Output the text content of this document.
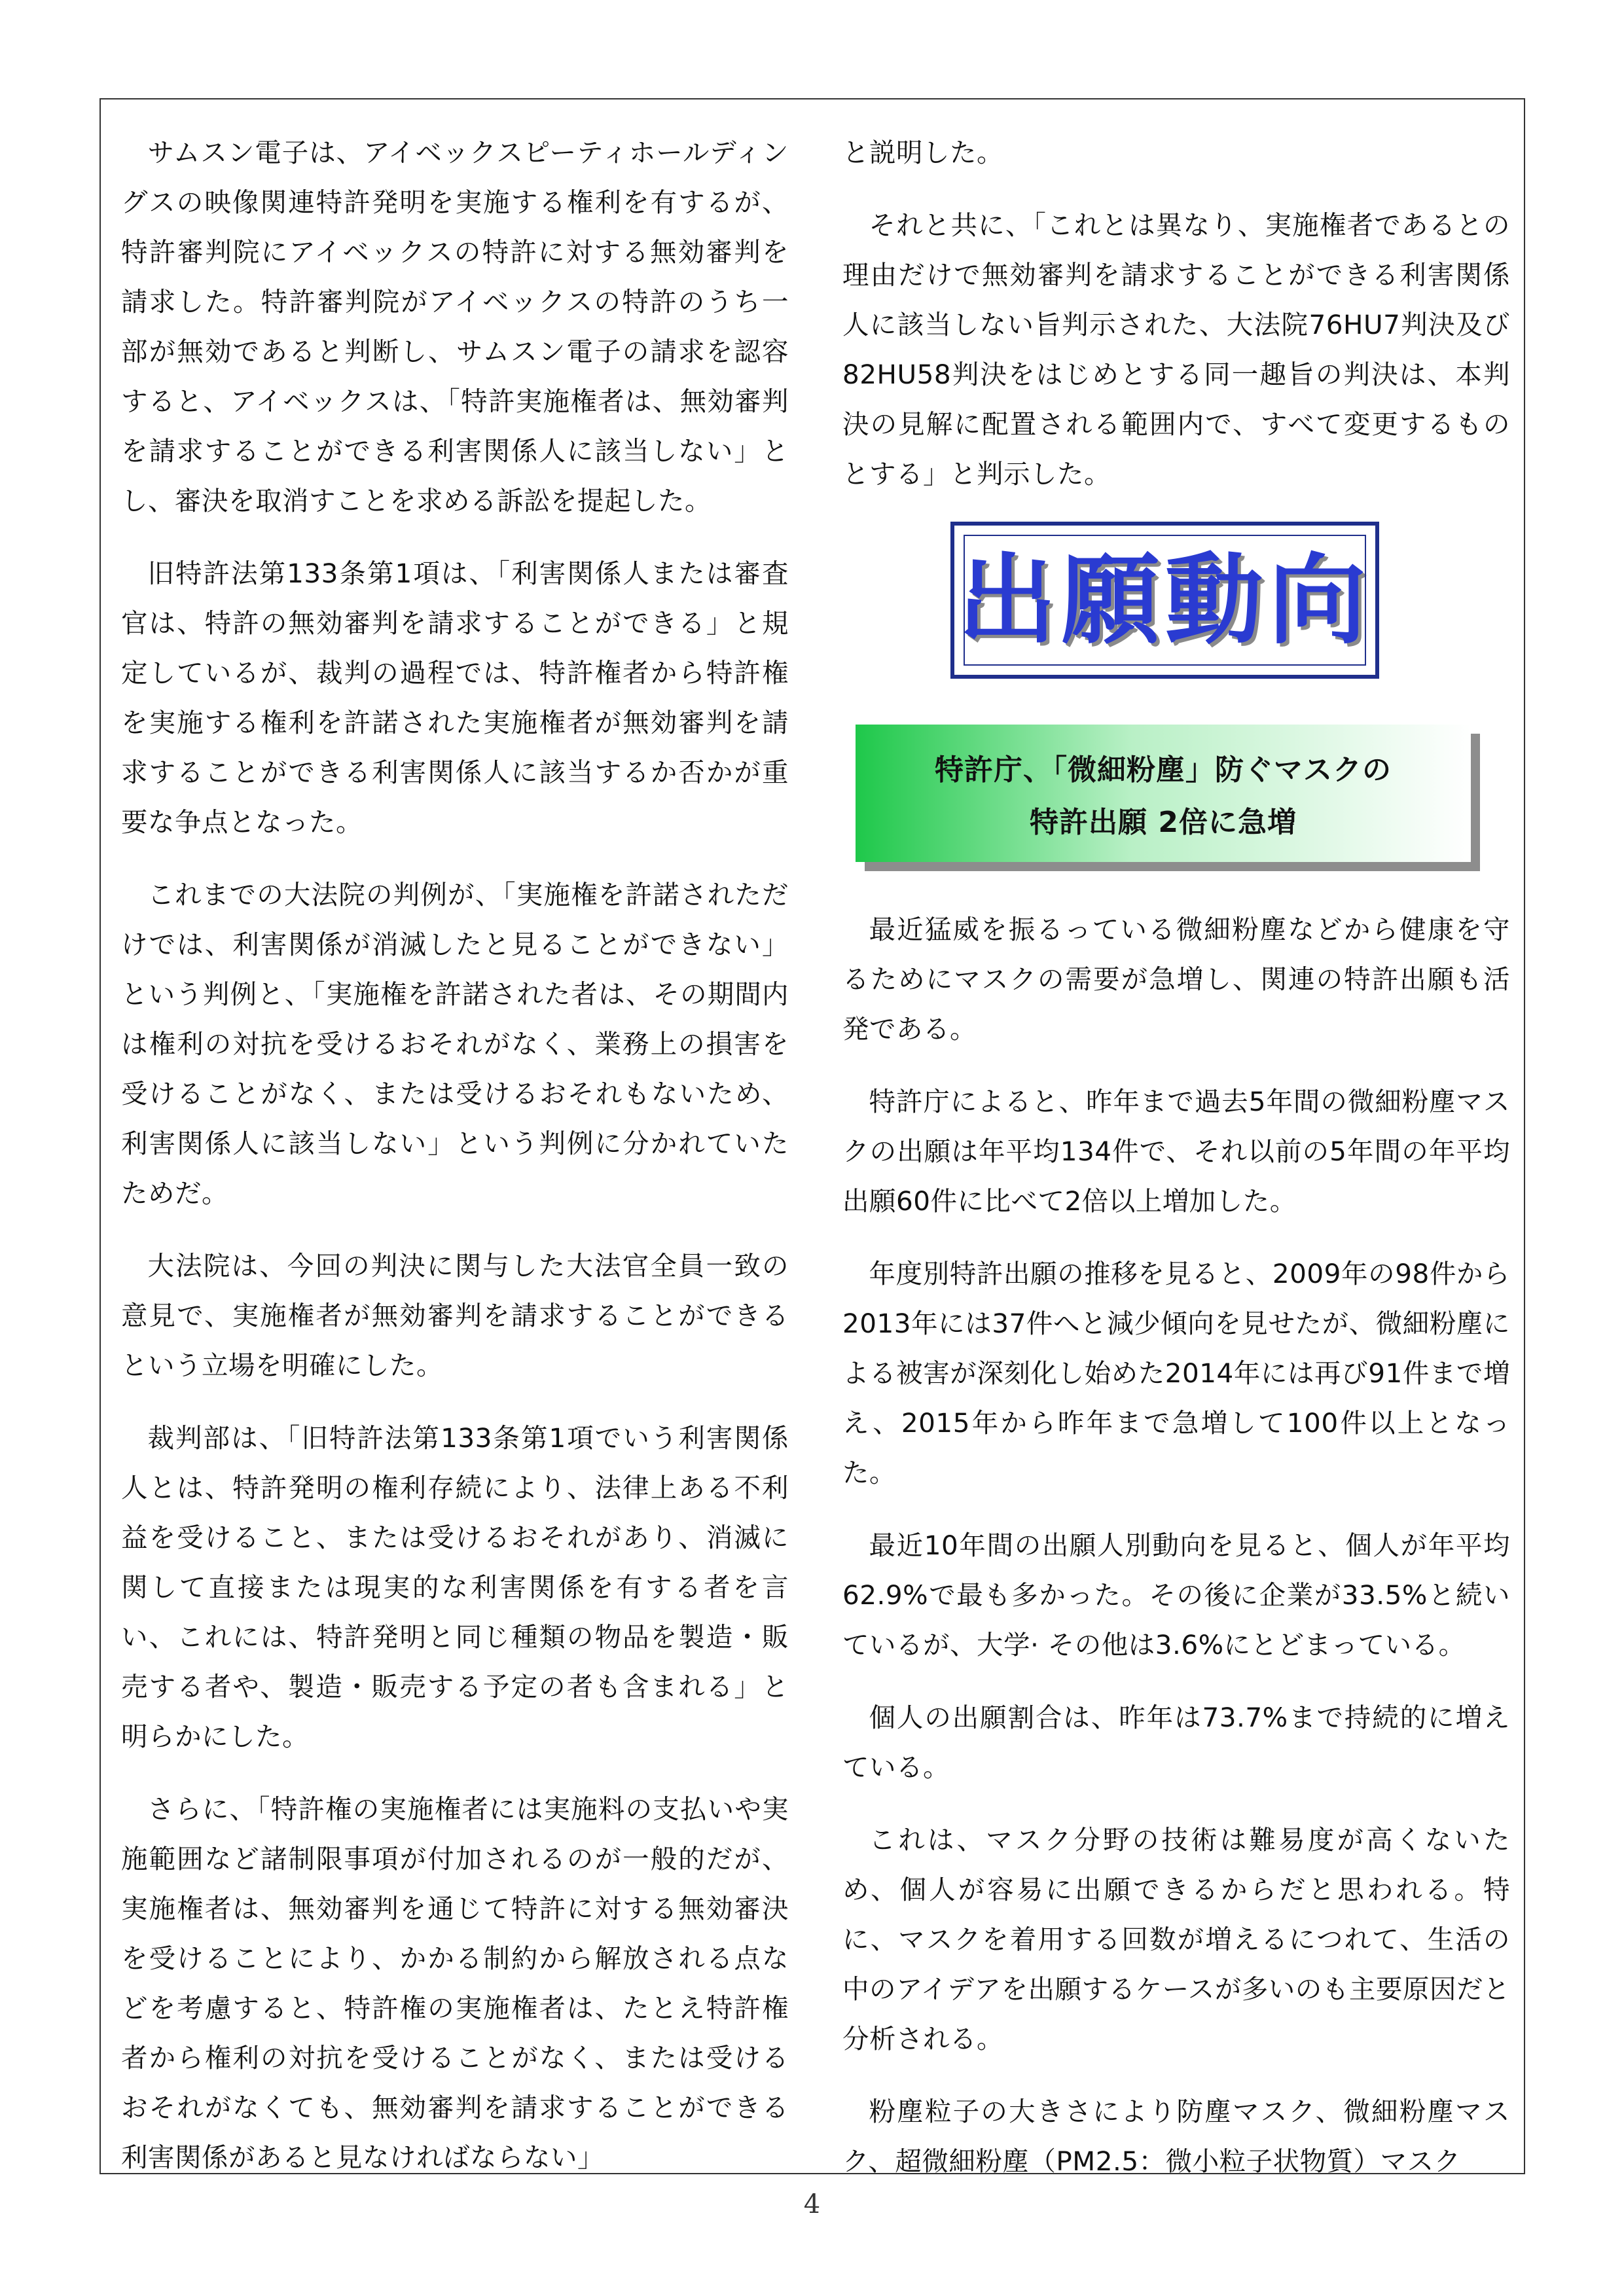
サムスン電子は、アイベックスピーティホールディングスの映像関連特許発明を実施する権利を有するが、特許審判院にアイベックスの特許に対する無効審判を請求した。特許審判院がアイベックスの特許のうち一部が無効であると判断し、サムスン電子の請求を認容すると、アイベックスは、「特許実施権者は、無効審判を請求することができる利害関係人に該当しない」とし、審決を取消すことを求める訴訟を提起した。

旧特許法第133条第1項は、「利害関係人または審査官は、特許の無効審判を請求することができる」と規定しているが、裁判の過程では、特許権者から特許権を実施する権利を許諾された実施権者が無効審判を請求することができる利害関係人に該当するか否かが重要な争点となった。

これまでの大法院の判例が、「実施権を許諾されただけでは、利害関係が消滅したと見ることができない」という判例と、「実施権を許諾された者は、その期間内は権利の対抗を受けるおそれがなく、業務上の損害を受けることがなく、または受けるおそれもないため、利害関係人に該当しない」という判例に分かれていたためだ。

大法院は、今回の判決に関与した大法官全員一致の意見で、実施権者が無効審判を請求することができるという立場を明確にした。

裁判部は、「旧特許法第133条第1項でいう利害関係人とは、特許発明の権利存続により、法律上ある不利益を受けること、または受けるおそれがあり、消滅に関して直接または現実的な利害関係を有する者を言い、これには、特許発明と同じ種類の物品を製造・販売する者や、製造・販売する予定の者も含まれる」と明らかにした。

さらに、「特許権の実施権者には実施料の支払いや実施範囲など諸制限事項が付加されるのが一般的だが、実施権者は、無効審判を通じて特許に対する無効審決を受けることにより、かかる制約から解放される点などを考慮すると、特許権の実施権者は、たとえ特許権者から権利の対抗を受けることがなく、または受けるおそれがなくても、無効審判を請求することができる利害関係があると見なければならない」

と説明した。

それと共に、「これとは異なり、実施権者であるとの理由だけで無効審判を請求することができる利害関係人に該当しない旨判示された、大法院76HU7判決及び82HU58判決をはじめとする同一趣旨の判決は、本判決の見解に配置される範囲内で、すべて変更するものとする」と判示した。

出願動向
特許庁、「微細粉塵」防ぐマスクの
特許出願 2倍に急増

最近猛威を振るっている微細粉塵などから健康を守るためにマスクの需要が急増し、関連の特許出願も活発である。

特許庁によると、昨年まで過去5年間の微細粉塵マスクの出願は年平均134件で、それ以前の5年間の年平均出願60件に比べて2倍以上増加した。

年度別特許出願の推移を見ると、2009年の98件から2013年には37件へと減少傾向を見せたが、微細粉塵による被害が深刻化し始めた2014年には再び91件まで増え、2015年から昨年まで急増して100件以上となった。

最近10年間の出願人別動向を見ると、個人が年平均62.9%で最も多かった。その後に企業が33.5%と続いているが、大学· その他は3.6%にとどまっている。

個人の出願割合は、昨年は73.7%まで持続的に増えている。

これは、マスク分野の技術は難易度が高くないため、個人が容易に出願できるからだと思われる。特に、マスクを着用する回数が増えるにつれて、生活の中のアイデアを出願するケースが多いのも主要原因だと分析される。

粉塵粒子の大きさにより防塵マスク、微細粉塵マスク、超微細粉塵（PM2.5：微小粒子状物質）マスク

4
